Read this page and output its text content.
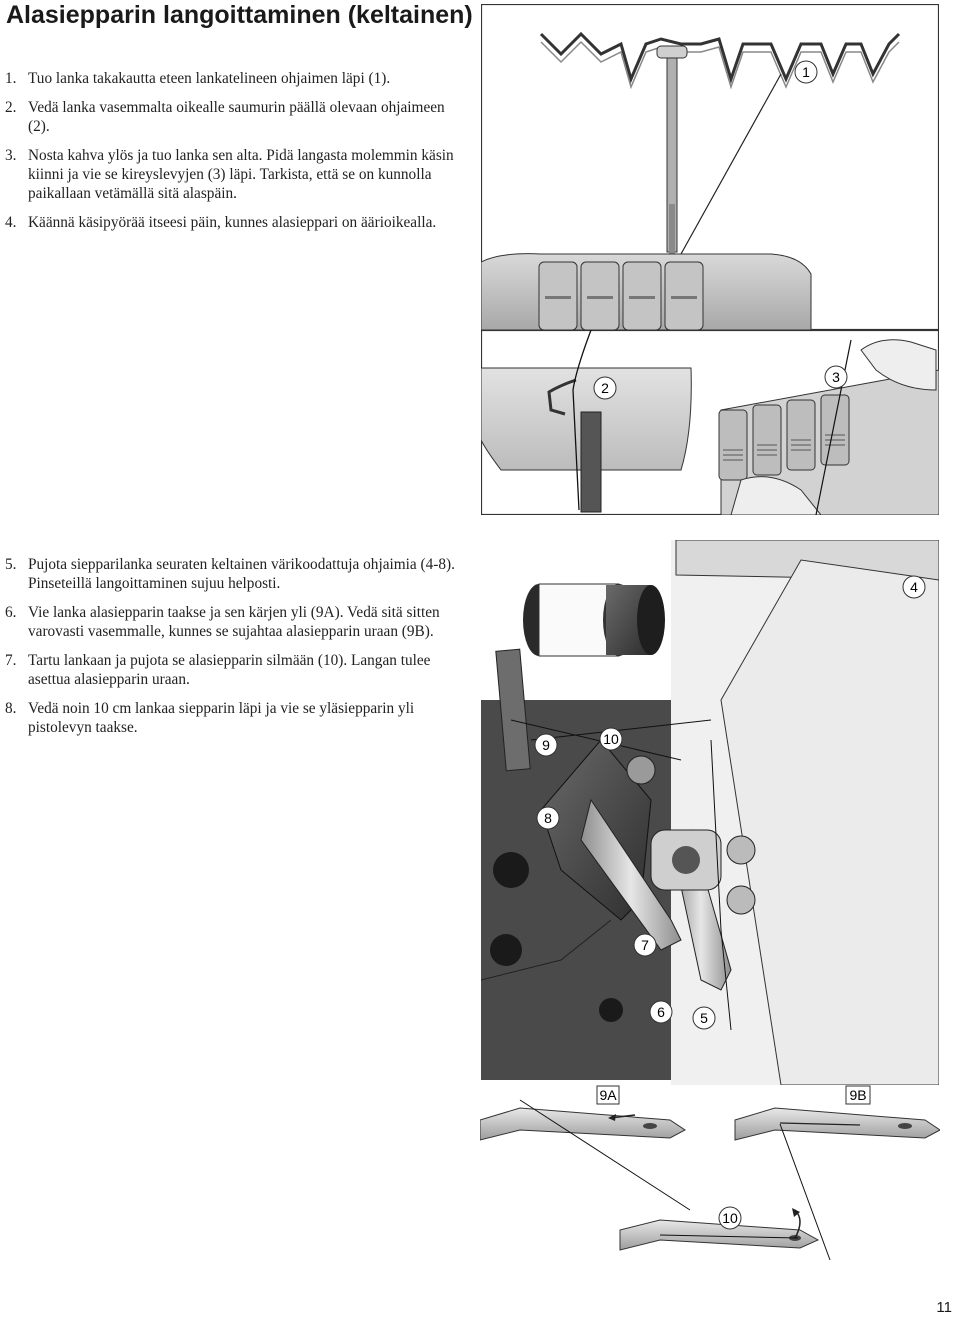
Alasiepparin langoittaminen (keltainen)
1. Tuo lanka takakautta eteen lankatelineen ohjaimen läpi (1).
2. Vedä lanka vasemmalta oikealle saumurin päällä olevaan ohjaimeen (2).
3. Nosta kahva ylös ja tuo lanka sen alta. Pidä langasta molemmin käsin kiinni ja vie se kireyslevyjen (3) läpi. Tarkista, että se on kunnolla paikallaan vetämällä sitä alaspäin.
4. Käännä käsipyörää itseesi päin, kunnes alasieppari on äärioikealla.
5. Pujota siepparilanka seuraten keltainen värikoodattuja ohjaimia (4-8). Pinseteillä langoittaminen sujuu helposti.
6. Vie lanka alasiepparin taakse ja sen kärjen yli (9A). Vedä sitä sitten varovasti vasemmalle, kunnes se sujahtaa alasiepparin uraan (9B).
7. Tartu lankaan ja pujota se alasiepparin silmään (10). Langan tulee asettua alasiepparin uraan.
8. Vedä noin 10 cm lankaa siepparin läpi ja vie se yläsiepparin yli pistolevyn taakse.
1
2
3
4
5
6
7
8
9	10
9A	9B
10
11
